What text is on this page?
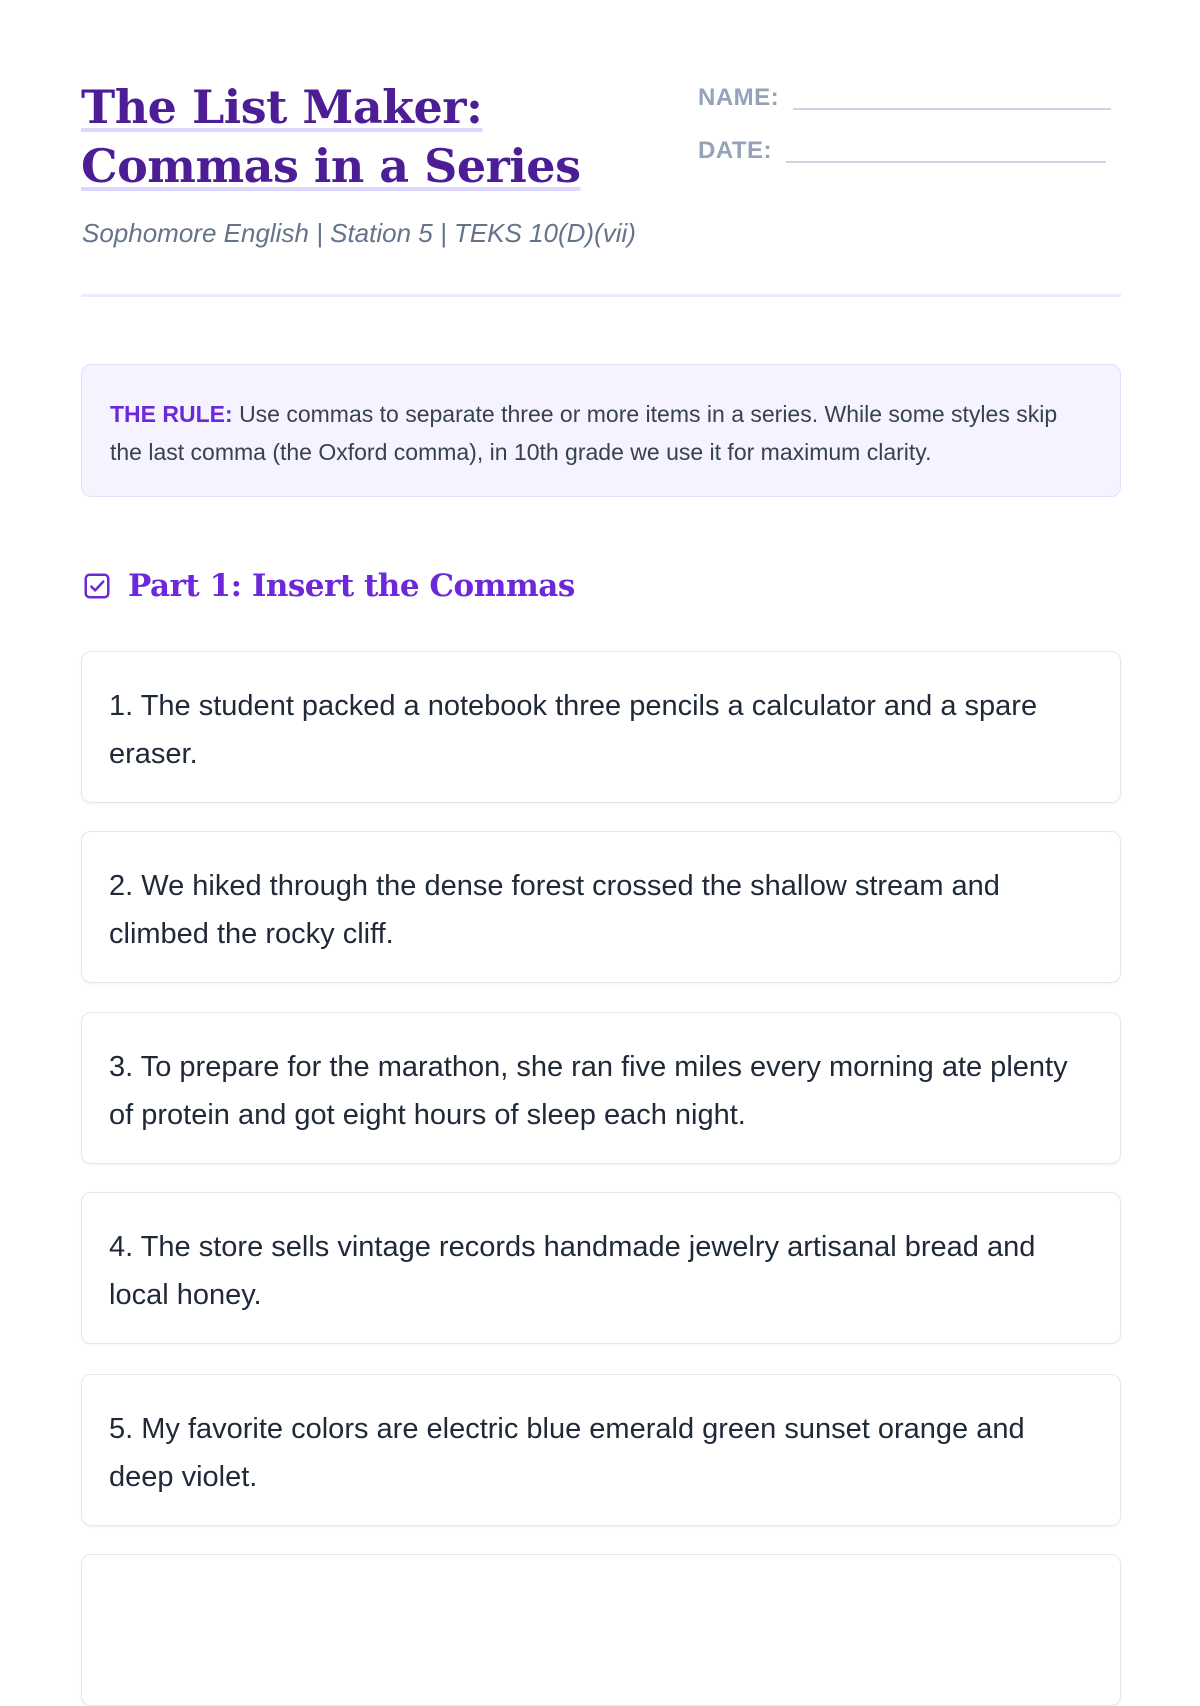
The List Maker: Commas in a Series
Sophomore English | Station 5 | TEKS 10(D)(vii)
NAME:
DATE:
THE RULE: Use commas to separate three or more items in a series. While some styles skip the last comma (the Oxford comma), in 10th grade we use it for maximum clarity.
Part 1: Insert the Commas
1. The student packed a notebook three pencils a calculator and a spare eraser.
2. We hiked through the dense forest crossed the shallow stream and climbed the rocky cliff.
3. To prepare for the marathon, she ran five miles every morning ate plenty of protein and got eight hours of sleep each night.
4. The store sells vintage records handmade jewelry artisanal bread and local honey.
5. My favorite colors are electric blue emerald green sunset orange and deep violet.
